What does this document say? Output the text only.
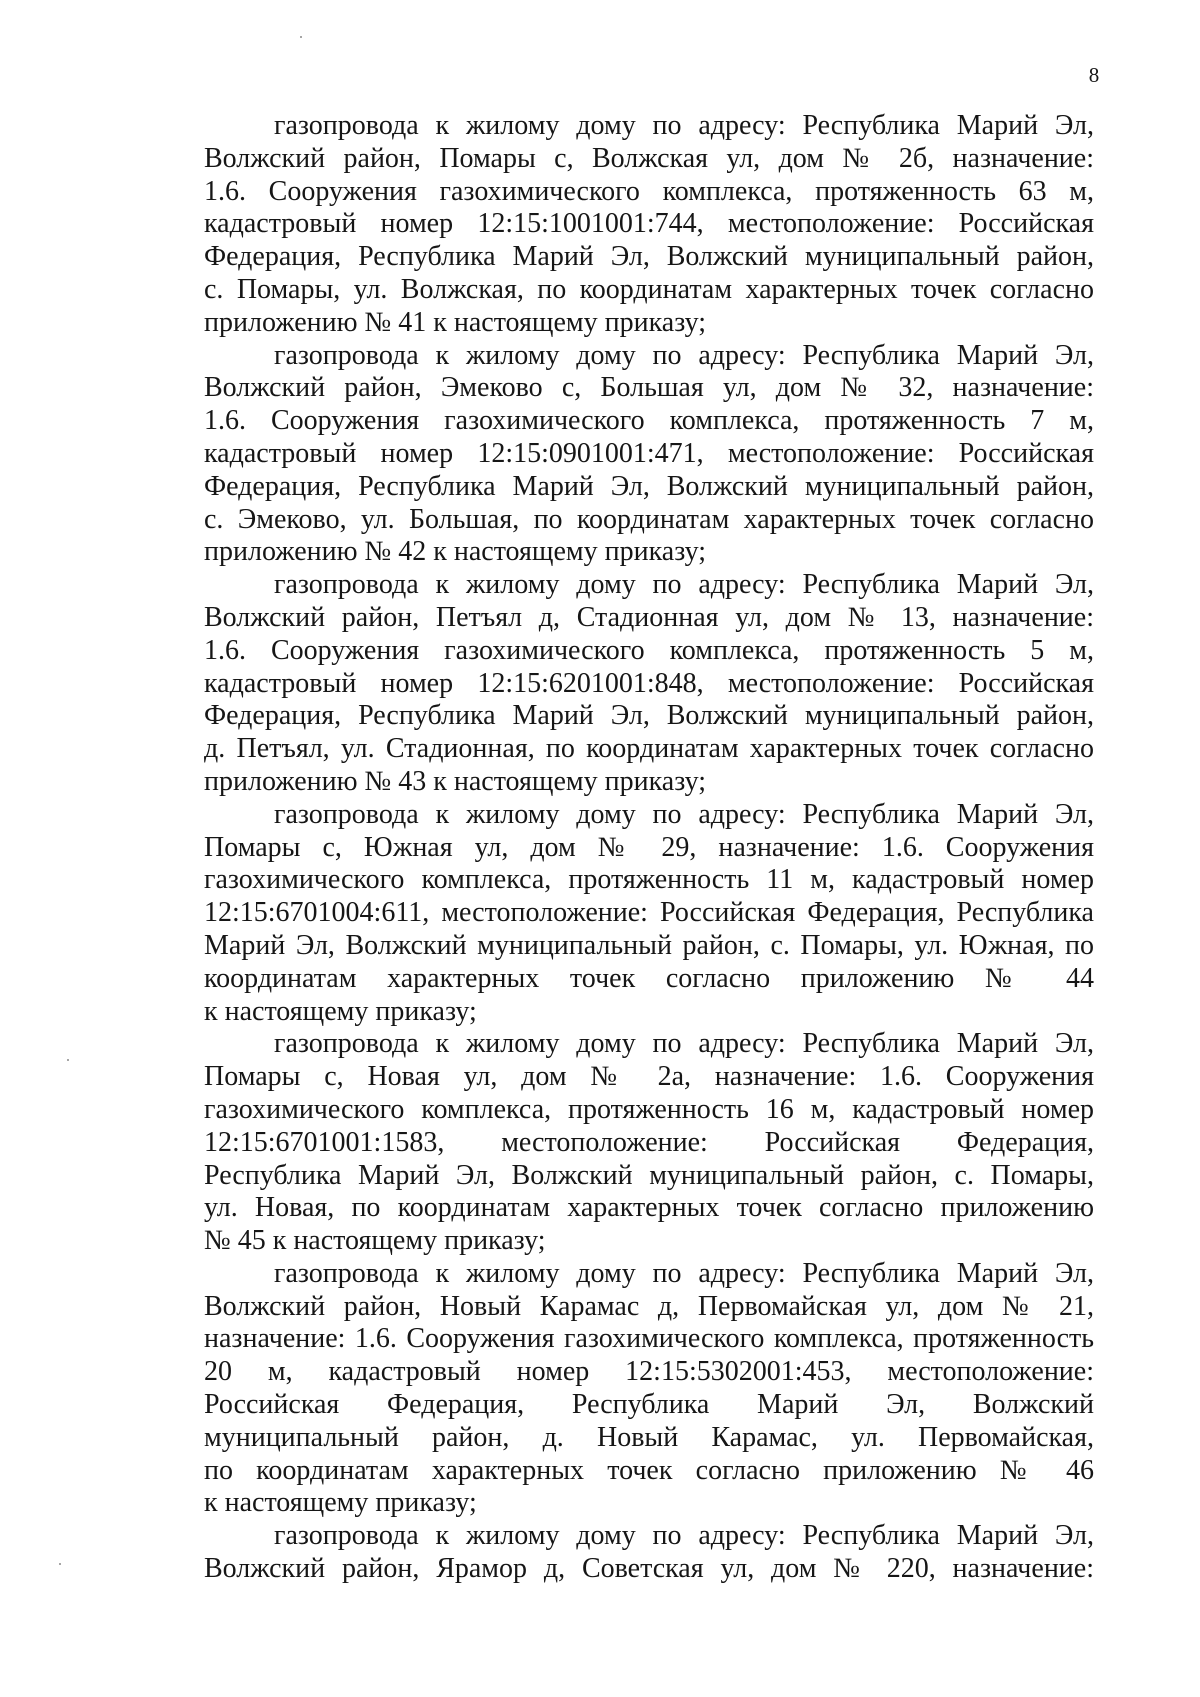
8
газопровода к жилому дому по адресу: Республика Марий Эл,
Волжский район, Помары с, Волжская ул, дом № 2б, назначение:
1.6. Сооружения газохимического комплекса, протяженность 63 м,
кадастровый номер 12:15:1001001:744, местоположение: Российская
Федерация, Республика Марий Эл, Волжский муниципальный район,
с. Помары, ул. Волжская, по координатам характерных точек согласно
приложению № 41 к настоящему приказу;
газопровода к жилому дому по адресу: Республика Марий Эл,
Волжский район, Эмеково с, Большая ул, дом № 32, назначение:
1.6. Сооружения газохимического комплекса, протяженность 7 м,
кадастровый номер 12:15:0901001:471, местоположение: Российская
Федерация, Республика Марий Эл, Волжский муниципальный район,
с. Эмеково, ул. Большая, по координатам характерных точек согласно
приложению № 42 к настоящему приказу;
газопровода к жилому дому по адресу: Республика Марий Эл,
Волжский район, Петъял д, Стадионная ул, дом № 13, назначение:
1.6. Сооружения газохимического комплекса, протяженность 5 м,
кадастровый номер 12:15:6201001:848, местоположение: Российская
Федерация, Республика Марий Эл, Волжский муниципальный район,
д. Петъял, ул. Стадионная, по координатам характерных точек согласно
приложению № 43 к настоящему приказу;
газопровода к жилому дому по адресу: Республика Марий Эл,
Помары с, Южная ул, дом № 29, назначение: 1.6. Сооружения
газохимического комплекса, протяженность 11 м, кадастровый номер
12:15:6701004:611, местоположение: Российская Федерация, Республика
Марий Эл, Волжский муниципальный район, с. Помары, ул. Южная, по
координатам характерных точек согласно приложению № 44
к настоящему приказу;
газопровода к жилому дому по адресу: Республика Марий Эл,
Помары с, Новая ул, дом № 2а, назначение: 1.6. Сооружения
газохимического комплекса, протяженность 16 м, кадастровый номер
12:15:6701001:1583, местоположение: Российская Федерация,
Республика Марий Эл, Волжский муниципальный район, с. Помары,
ул. Новая, по координатам характерных точек согласно приложению
№ 45 к настоящему приказу;
газопровода к жилому дому по адресу: Республика Марий Эл,
Волжский район, Новый Карамас д, Первомайская ул, дом № 21,
назначение: 1.6. Сооружения газохимического комплекса, протяженность
20 м, кадастровый номер 12:15:5302001:453, местоположение:
Российская Федерация, Республика Марий Эл, Волжский
муниципальный район, д. Новый Карамас, ул. Первомайская,
по координатам характерных точек согласно приложению № 46
к настоящему приказу;
газопровода к жилому дому по адресу: Республика Марий Эл,
Волжский район, Ярамор д, Советская ул, дом № 220, назначение:
